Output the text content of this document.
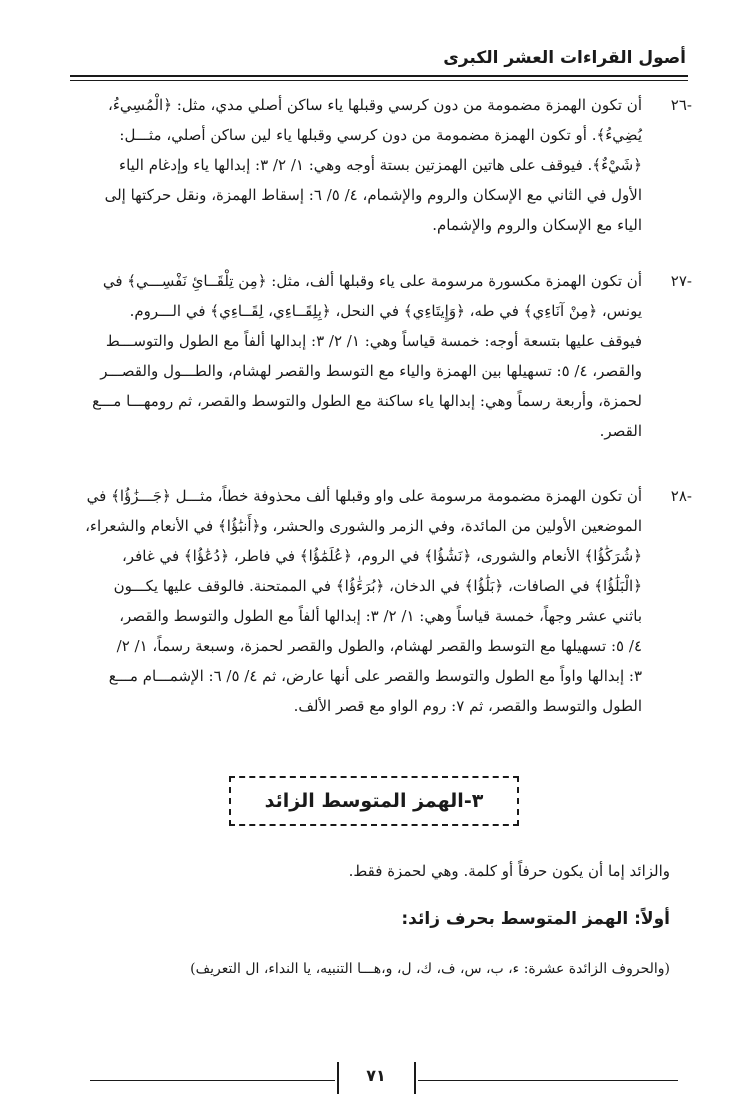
أصول القراءات العشر الكبرى
-٢٦

أن تكون الهمزة مضمومة من دون كرسي وقبلها ياء ساكن أصلي مدي، مثل: ﴿الْمُسِيءُ،

يُضِيءُ﴾. أو تكون الهمزة مضمومة من دون كرسي وقبلها ياء لين ساكن أصلي، مثـــل:

﴿شَيْءٌ﴾. فيوقف على هاتين الهمزتين بستة أوجه وهي: ١/ ٢/ ٣: إبدالها ياء وإدغام الياء

الأول في الثاني مع الإسكان والروم والإشمام، ٤/ ٥/ ٦: إسقاط الهمزة، ونقل حركتها إلى

الياء مع الإسكان والروم والإشمام.

-٢٧

أن تكون الهمزة مكسورة مرسومة على ياء وقبلها ألف، مثل: ﴿مِن تِلْقَــائِ نَفْسِـــي﴾ في

يونس، ﴿مِنْ آنَاءِي﴾ في طه، ﴿وَإِيتَاءِي﴾ في النحل، ﴿بِلِقَــاءِي، لِقَــاءِي﴾ في الـــروم.

فيوقف عليها بتسعة أوجه: خمسة قياساً وهي: ١/ ٢/ ٣: إبدالها ألفاً مع الطول والتوســـط

والقصر، ٤/ ٥: تسهيلها بين الهمزة والياء مع التوسط والقصر لهشام، والطـــول والقصـــر

لحمزة، وأربعة رسماً وهي: إبدالها ياء ساكنة مع الطول والتوسط والقصر، ثم رومهـــا مـــع

القصر.

-٢٨

أن تكون الهمزة مضمومة مرسومة على واو وقبلها ألف محذوفة خطاً، مثـــل ﴿جَـــزَٰؤُا﴾ في

الموضعين الأولين من المائدة، وفي الزمر والشورى والحشر، و﴿أَنبَٰؤُا﴾ في الأنعام والشعراء،

﴿شُرَكَٰؤُا﴾ الأنعام والشورى، ﴿نَشَٰؤُا﴾ في الروم، ﴿عُلَمَٰؤُا﴾ في فاطر، ﴿دُعَٰؤُا﴾ في غافر،

﴿الْبَلَٰؤُا﴾ في الصافات، ﴿بَلَٰؤُا﴾ في الدخان، ﴿بُرَءَٰؤُا﴾ في الممتحنة. فالوقف عليها يكـــون

باثني عشر وجهاً، خمسة قياساً وهي: ١/ ٢/ ٣: إبدالها ألفاً مع الطول والتوسط والقصر،

٤/ ٥: تسهيلها مع التوسط والقصر لهشام، والطول والقصر لحمزة، وسبعة رسماً، ١/ ٢/

٣: إبدالها واواً مع الطول والتوسط والقصر على أنها عارض، ثم ٤/ ٥/ ٦: الإشمـــام مـــع

الطول والتوسط والقصر، ثم ٧: روم الواو مع قصر الألف.

٣-الهمز المتوسط الزائد
والزائد إما أن يكون حرفاً أو كلمة. وهي لحمزة فقط.
أولاً: الهمز المتوسط بحرف زائد:
(والحروف الزائدة عشرة: ء، ب، س، ف، ك، ل، و،هـــا التنبيه، يا النداء، ال التعريف)
٧١
